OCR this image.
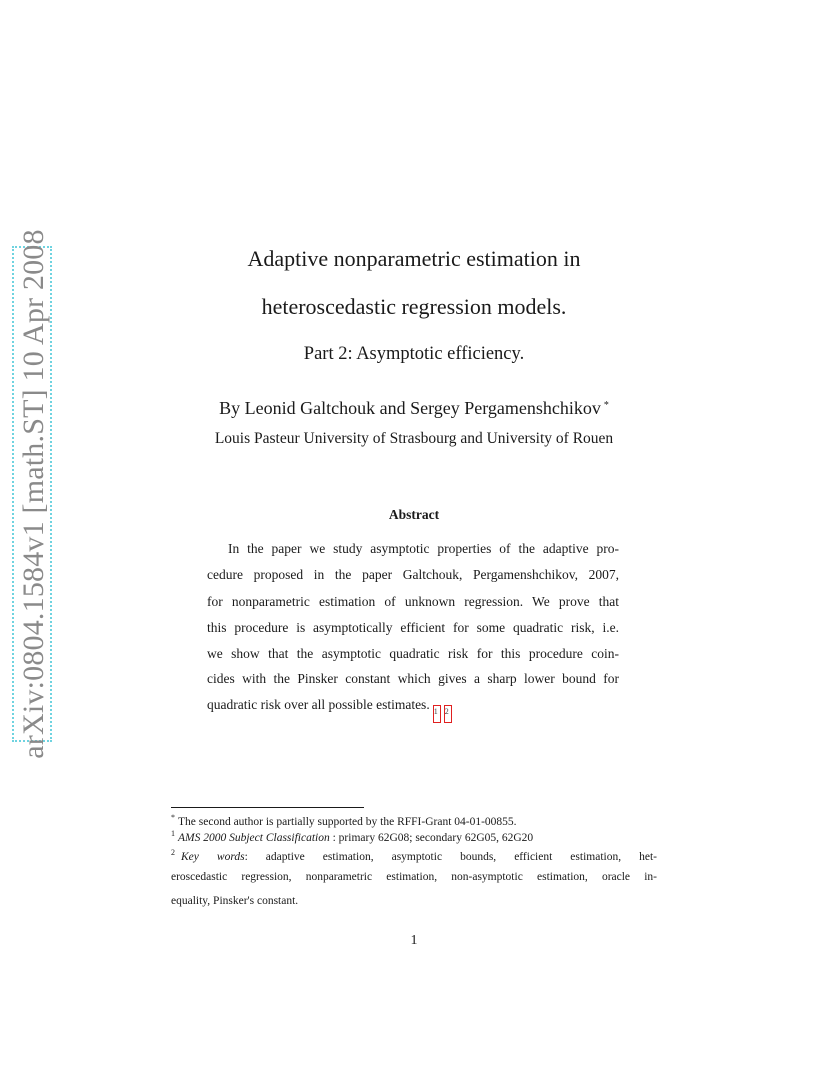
arXiv:0804.1584v1 [math.ST] 10 Apr 2008	Adaptive nonparametric estimation in
heteroscedastic regression models.
Part 2: Asymptotic efficiency.
By Leonid Galtchouk and Sergey Pergamenshchikov *
Louis Pasteur University of Strasbourg and University of Rouen
Abstract
In the paper we study asymptotic properties of the adaptive pro-
cedure proposed in the paper Galtchouk, Pergamenshchikov, 2007,
for nonparametric estimation of unknown regression. We prove that
this procedure is asymptotically efficient for some quadratic risk, i.e.
we show that the asymptotic quadratic risk for this procedure coin-
cides with the Pinsker constant which gives a sharp lower bound for
quadratic risk over all possible estimates. 1 2
* The second author is partially supported by the RFFI-Grant 04-01-00855.
$^1$ AMS 2000 Subject Classification : primary 62G08; secondary 62G05, 62G20
$^2$ Key words: adaptive estimation, asymptotic bounds, efficient estimation, het-
eroscedastic regression, nonparametric estimation, non-asymptotic estimation, oracle in-
equality, Pinsker's constant.
1
